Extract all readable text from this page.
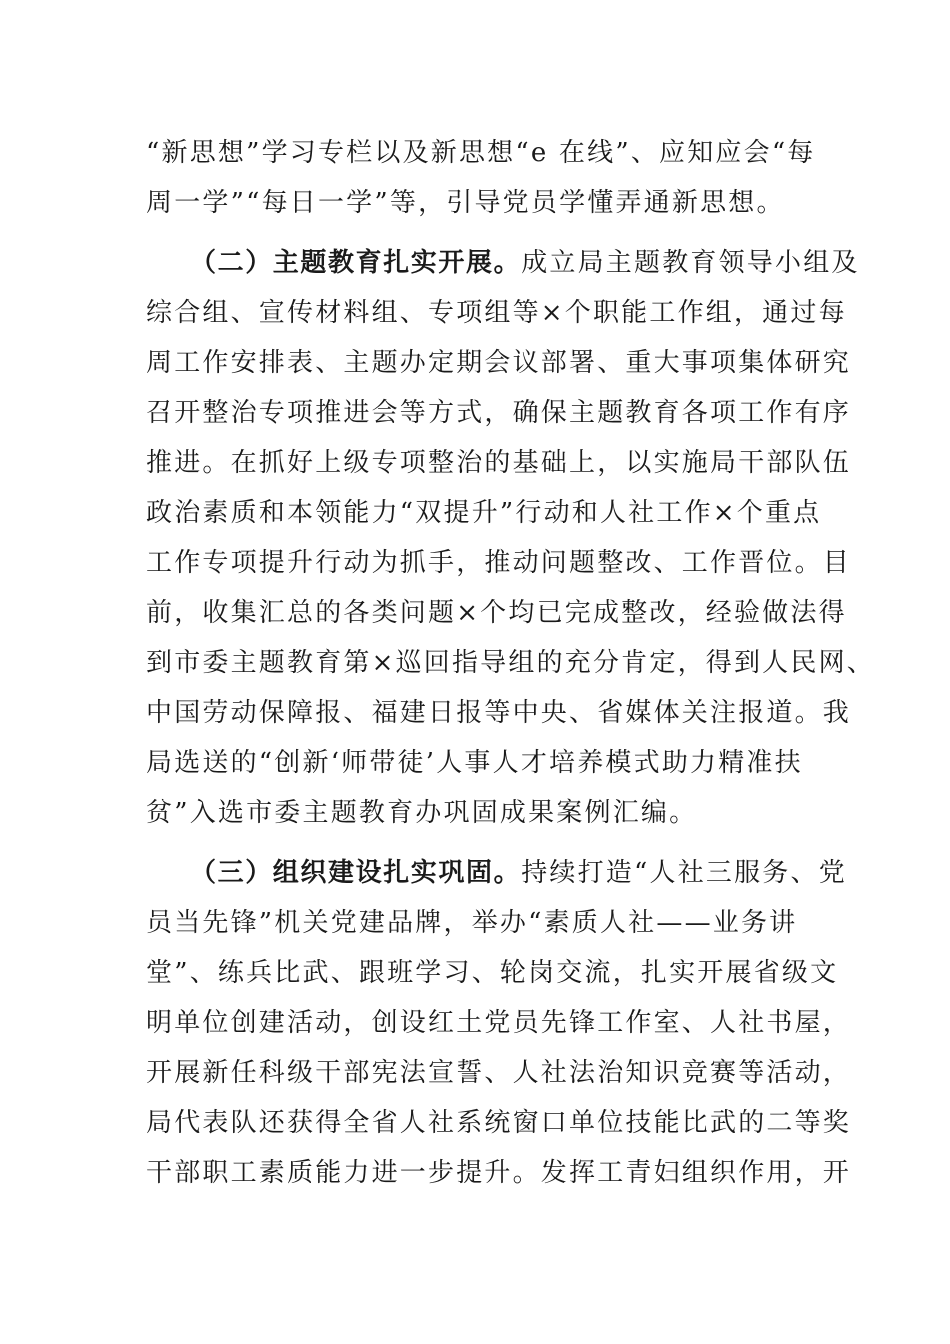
“新思想”学习专栏以及新思想“e 在线”、应知应会“每
周一学”“每日一学”等，引导党员学懂弄通新思想。
（二）主题教育扎实开展。成立局主题教育领导小组及
综合组、宣传材料组、专项组等×个职能工作组，通过每
周工作安排表、主题办定期会议部署、重大事项集体研究
召开整治专项推进会等方式，确保主题教育各项工作有序
推进。在抓好上级专项整治的基础上，以实施局干部队伍
政治素质和本领能力“双提升”行动和人社工作×个重点
工作专项提升行动为抓手，推动问题整改、工作晋位。目
前，收集汇总的各类问题×个均已完成整改，经验做法得
到市委主题教育第×巡回指导组的充分肯定，得到人民网、
中国劳动保障报、福建日报等中央、省媒体关注报道。我
局选送的“创新‘师带徒’人事人才培养模式助力精准扶
贫”入选市委主题教育办巩固成果案例汇编。
（三）组织建设扎实巩固。持续打造“人社三服务、党
员当先锋”机关党建品牌，举办“素质人社——业务讲
堂”、练兵比武、跟班学习、轮岗交流，扎实开展省级文
明单位创建活动，创设红土党员先锋工作室、人社书屋，
开展新任科级干部宪法宣誓、人社法治知识竞赛等活动，
局代表队还获得全省人社系统窗口单位技能比武的二等奖
干部职工素质能力进一步提升。发挥工青妇组织作用，开
